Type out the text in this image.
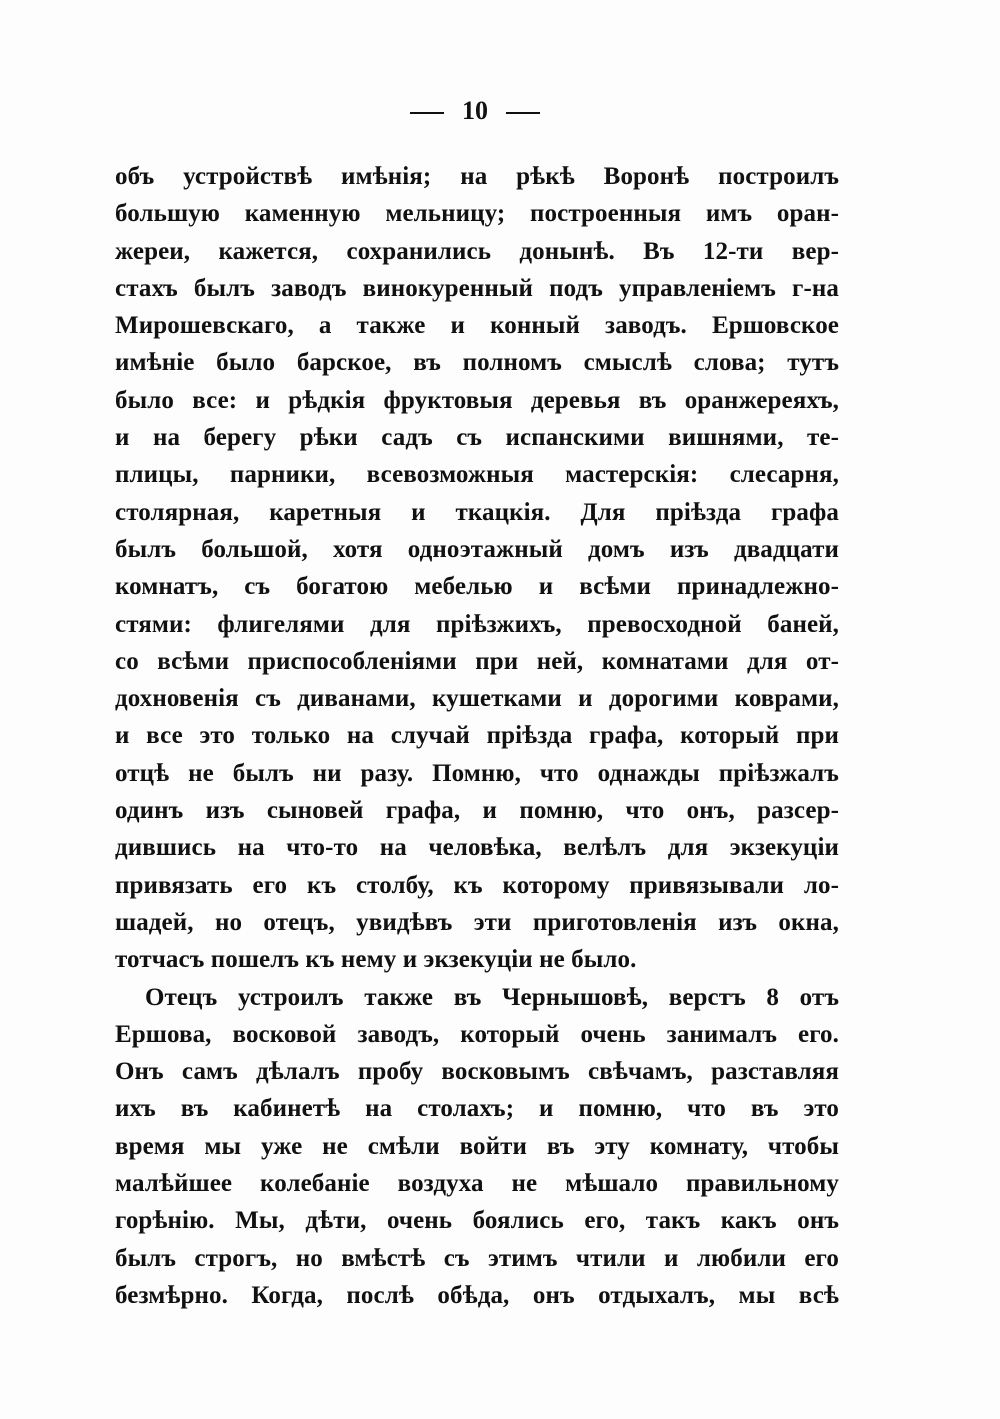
10
объ устройствѣ имѣнія; на рѣкѣ Воронѣ построилъ
большую каменную мельницу; построенныя имъ оран-
жереи, кажется, сохранились донынѣ. Въ 12-ти вер-
стахъ былъ заводъ винокуренный подъ управленіемъ г-на
Мирошевскаго, а также и конный заводъ. Ершовское
имѣніе было барское, въ полномъ смыслѣ слова; тутъ
было все: и рѣдкія фруктовыя деревья въ оранжереяхъ,
и на берегу рѣки садъ съ испанскими вишнями, те-
плицы, парники, всевозможныя мастерскія: слесарня,
столярная, каретныя и ткацкія. Для пріѣзда графа
былъ большой, хотя одноэтажный домъ изъ двадцати
комнатъ, съ богатою мебелью и всѣми принадлежно-
стями: флигелями для пріѣзжихъ, превосходной баней,
со всѣми приспособленіями при ней, комнатами для от-
дохновенія съ диванами, кушетками и дорогими коврами,
и все это только на случай пріѣзда графа, который при
отцѣ не былъ ни разу. Помню, что однажды пріѣзжалъ
одинъ изъ сыновей графа, и помню, что онъ, разсер-
дившись на что-то на человѣка, велѣлъ для экзекуціи
привязать его къ столбу, къ которому привязывали ло-
шадей, но отецъ, увидѣвъ эти приготовленія изъ окна,
тотчасъ пошелъ къ нему и экзекуціи не было.
Отецъ устроилъ также въ Чернышовѣ, верстъ 8 отъ
Ершова, восковой заводъ, который очень занималъ его.
Онъ самъ дѣлалъ пробу восковымъ свѣчамъ, разставляя
ихъ въ кабинетѣ на столахъ; и помню, что въ это
время мы уже не смѣли войти въ эту комнату, чтобы
малѣйшее колебаніе воздуха не мѣшало правильному
горѣнію. Мы, дѣти, очень боялись его, такъ какъ онъ
былъ строгъ, но вмѣстѣ съ этимъ чтили и любили его
безмѣрно. Когда, послѣ обѣда, онъ отдыхалъ, мы всѣ
